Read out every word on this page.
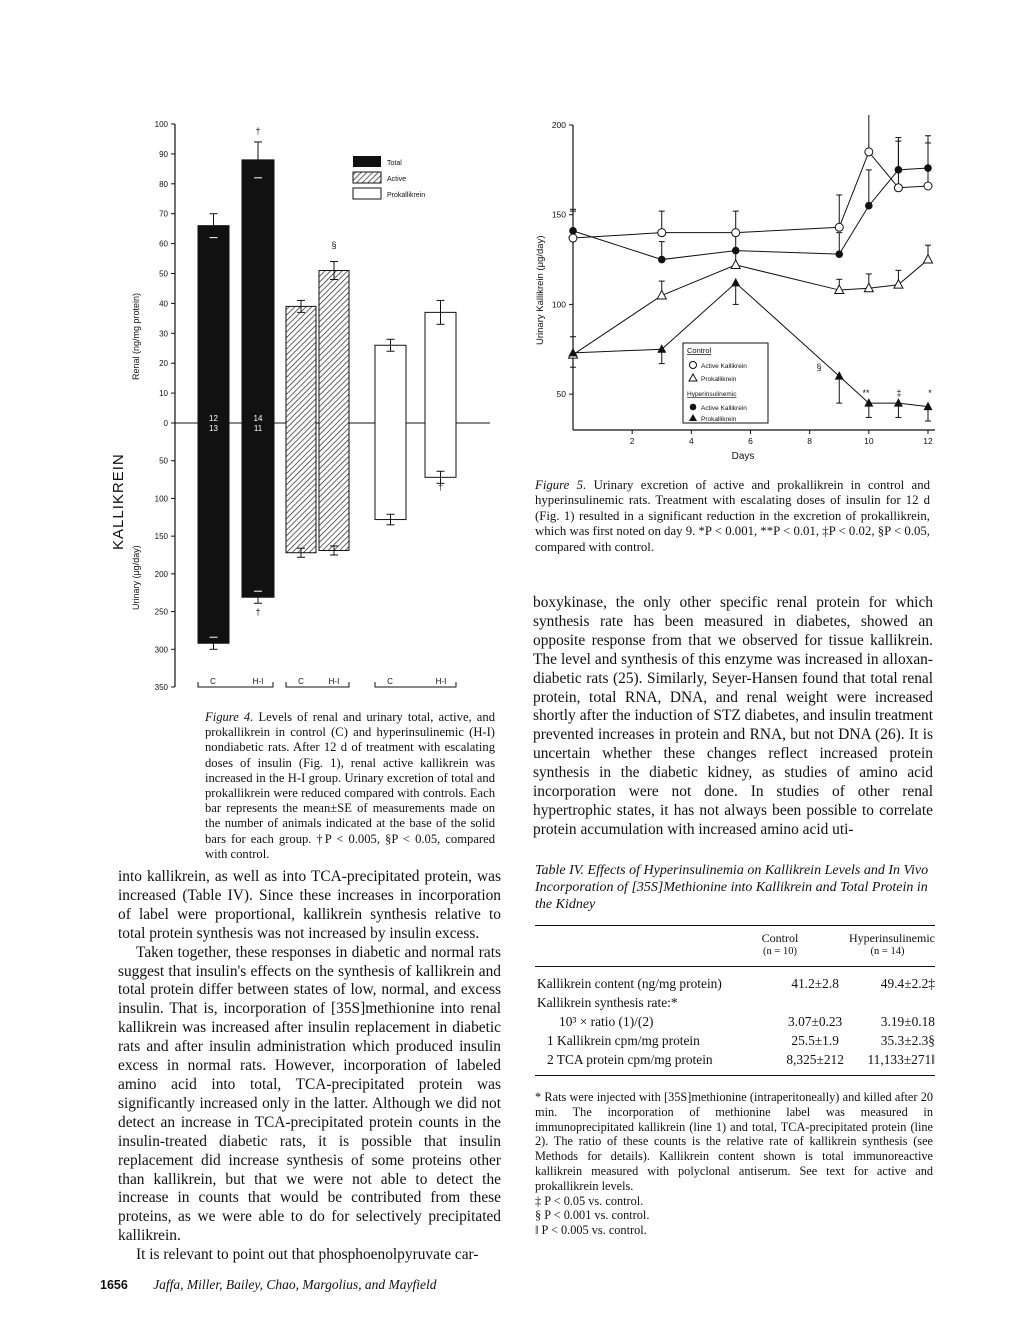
KALLIKREIN
Renal (ng/mg protein)
Urinary (μg/day)
100
90
80
70
60
50
40
30
20
10
0
50
100
150
200
250
300
350
12
13
14
11
†
§
†
†
Total
Active
Prokallikrein
C	H-I	C	H-I	C	H-I
Figure 4. Levels of renal and urinary total, active, and prokallikrein in control (C) and hyperinsulinemic (H-I) nondiabetic rats. After 12 d of treatment with escalating doses of insulin (Fig. 1), renal active kallikrein was increased in the H-I group. Urinary excretion of total and prokallikrein were reduced compared with controls. Each bar represents the mean±SE of measurements made on the number of animals indicated at the base of the solid bars for each group. †P < 0.005, §P < 0.05, compared with control.
Urinary Kallikrein (μg/day)
2	4	6	8	10	12
50
100
150
200
Days
Control
Active Kallikrein
Prokallikrein
Hyperinsulinemic
Active Kallikrein
Prokallikrein
§
**	‡	*
Figure 5. Urinary excretion of active and prokallikrein in control and hyperinsulinemic rats. Treatment with escalating doses of insulin for 12 d (Fig. 1) resulted in a significant reduction in the excretion of prokallikrein, which was first noted on day 9. *P < 0.001, **P < 0.01, ‡P < 0.02, §P < 0.05, compared with control.

into kallikrein, as well as into TCA-precipitated protein, was increased (Table IV). Since these increases in incorporation of label were proportional, kallikrein synthesis relative to total protein synthesis was not increased by insulin excess.

Taken together, these responses in diabetic and normal rats suggest that insulin's effects on the synthesis of kallikrein and total protein differ between states of low, normal, and excess insulin. That is, incorporation of [35S]methionine into renal kallikrein was increased after insulin replacement in diabetic rats and after insulin administration which produced insulin excess in normal rats. However, incorporation of labeled amino acid into total, TCA-precipitated protein was significantly increased only in the latter. Although we did not detect an increase in TCA-precipitated protein counts in the insulin-treated diabetic rats, it is possible that insulin replacement did increase synthesis of some proteins other than kallikrein, but that we were not able to detect the increase in counts that would be contributed from these proteins, as we were able to do for selectively precipitated kallikrein.

It is relevant to point out that phosphoenolpyruvate car-

boxykinase, the only other specific renal protein for which synthesis rate has been measured in diabetes, showed an opposite response from that we observed for tissue kallikrein. The level and synthesis of this enzyme was increased in alloxan-diabetic rats (25). Similarly, Seyer-Hansen found that total renal protein, total RNA, DNA, and renal weight were increased shortly after the induction of STZ diabetes, and insulin treatment prevented increases in protein and RNA, but not DNA (26). It is uncertain whether these changes reflect increased protein synthesis in the diabetic kidney, as studies of amino acid incorporation were not done. In studies of other renal hypertrophic states, it has not always been possible to correlate protein accumulation with increased amino acid uti-

Table IV. Effects of Hyperinsulinemia on Kallikrein Levels and In Vivo Incorporation of [35S]Methionine into Kallikrein and Total Protein in the Kidney
Control
(n = 10)
Hyperinsulinemic
(n = 14)
Kallikrein content (ng/mg protein)	41.2±2.8	49.4±2.2‡
Kallikrein synthesis rate:*		
10³ × ratio (1)/(2)	3.07±0.23	3.19±0.18
1 Kallikrein cpm/mg protein	25.5±1.9	35.3±2.3§
2 TCA protein cpm/mg protein	8,325±212	11,133±271‖

* Rats were injected with [35S]methionine (intraperitoneally) and killed after 20 min. The incorporation of methionine label was measured in immunoprecipitated kallikrein (line 1) and total, TCA-precipitated protein (line 2). The ratio of these counts is the relative rate of kallikrein synthesis (see Methods for details). Kallikrein content shown is total immunoreactive kallikrein measured with polyclonal antiserum. See text for active and prokallikrein levels.

‡ P < 0.05 vs. control.

§ P < 0.001 vs. control.

‖ P < 0.005 vs. control.

1656 Jaffa, Miller, Bailey, Chao, Margolius, and Mayfield
